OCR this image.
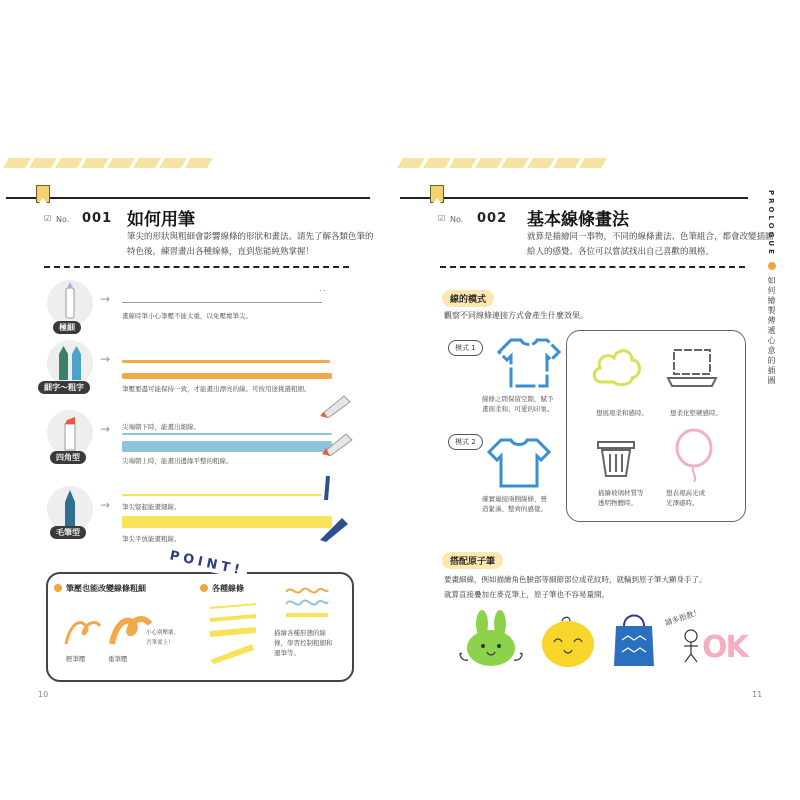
☑ No. 001 如何用筆
筆尖的形狀與粗細會影響線條的形狀和畫法。請先了解各類色筆的
特色後，練習畫出各種線條，直到您能純熟掌握！
極細
→	˙˙
畫線時筆小心筆壓不能太重，以免壓壞筆尖。
細字～粗字
→
筆壓要盡可能保持一致，才能畫出漂亮的線。可按用途挑選粗細。
四角型
→ 尖端朝下時，能畫出細線。
尖端朝上時，能畫出邊緣平整的粗線。
毛筆型
→ 筆尖豎起能畫細線。
筆尖平放能畫粗線。
POINT!
筆壓也能改變線條粗細
小心別壓壞，
吾筆要上！
輕筆壓	重筆壓
各種線條
描繪各種形態的線
條，學習控制粗細和
運筆等。
10
☑ No. 002 基本線條畫法
就算是描繪同一事物，不同的線條畫法、色筆組合，都會改變插圖
給人的感覺。各位可以嘗試找出自己喜歡的風格。	PROLOGUE
如何繪製傳遞心意的插圖
線的模式
觀察不同線條連接方式會產生什麼效果。
模式 1
線條之間保留空隙，賦予
畫面柔和、可愛的印象。
模式 2
確實連接兩側線條，營
造緊湊、整齊的感覺。
想展現柔和感時。	想柔化堅硬感時。
描繪玻璃材質等
透明物體時。
想表現高光或
光澤感時。
搭配原子筆
要畫細線，例如描繪角色臉部等細節部位或花紋時，就輪到原子筆大顯身手了。
就算直接疊加在麥克筆上，原子筆也不容易量開。
請多指教！
OK
11
